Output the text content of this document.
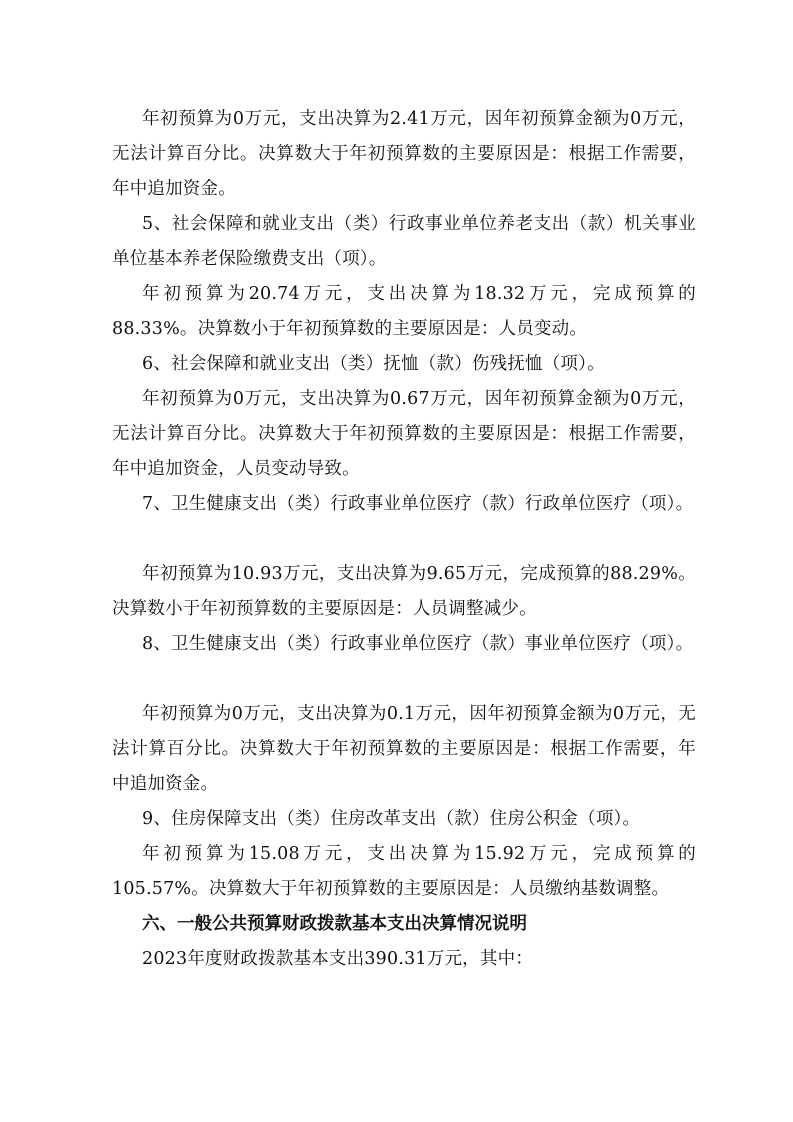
年初预算为0万元，支出决算为2.41万元，因年初预算金额为0万元，无法计算百分比。决算数大于年初预算数的主要原因是：根据工作需要，年中追加资金。

5、社会保障和就业支出（类）行政事业单位养老支出（款）机关事业单位基本养老保险缴费支出（项）。

年初预算为20.74万元，支出决算为18.32万元，完成预算的88.33%。决算数小于年初预算数的主要原因是：人员变动。

6、社会保障和就业支出（类）抚恤（款）伤残抚恤（项）。

年初预算为0万元，支出决算为0.67万元，因年初预算金额为0万元，无法计算百分比。决算数大于年初预算数的主要原因是：根据工作需要，年中追加资金，人员变动导致。

7、卫生健康支出（类）行政事业单位医疗（款）行政单位医疗（项）。

年初预算为10.93万元，支出决算为9.65万元，完成预算的88.29%。决算数小于年初预算数的主要原因是：人员调整减少。

8、卫生健康支出（类）行政事业单位医疗（款）事业单位医疗（项）。

年初预算为0万元，支出决算为0.1万元，因年初预算金额为0万元，无法计算百分比。决算数大于年初预算数的主要原因是：根据工作需要，年中追加资金。

9、住房保障支出（类）住房改革支出（款）住房公积金（项）。

年初预算为15.08万元，支出决算为15.92万元，完成预算的105.57%。决算数大于年初预算数的主要原因是：人员缴纳基数调整。

六、一般公共预算财政拨款基本支出决算情况说明

2023年度财政拨款基本支出390.31万元，其中：
